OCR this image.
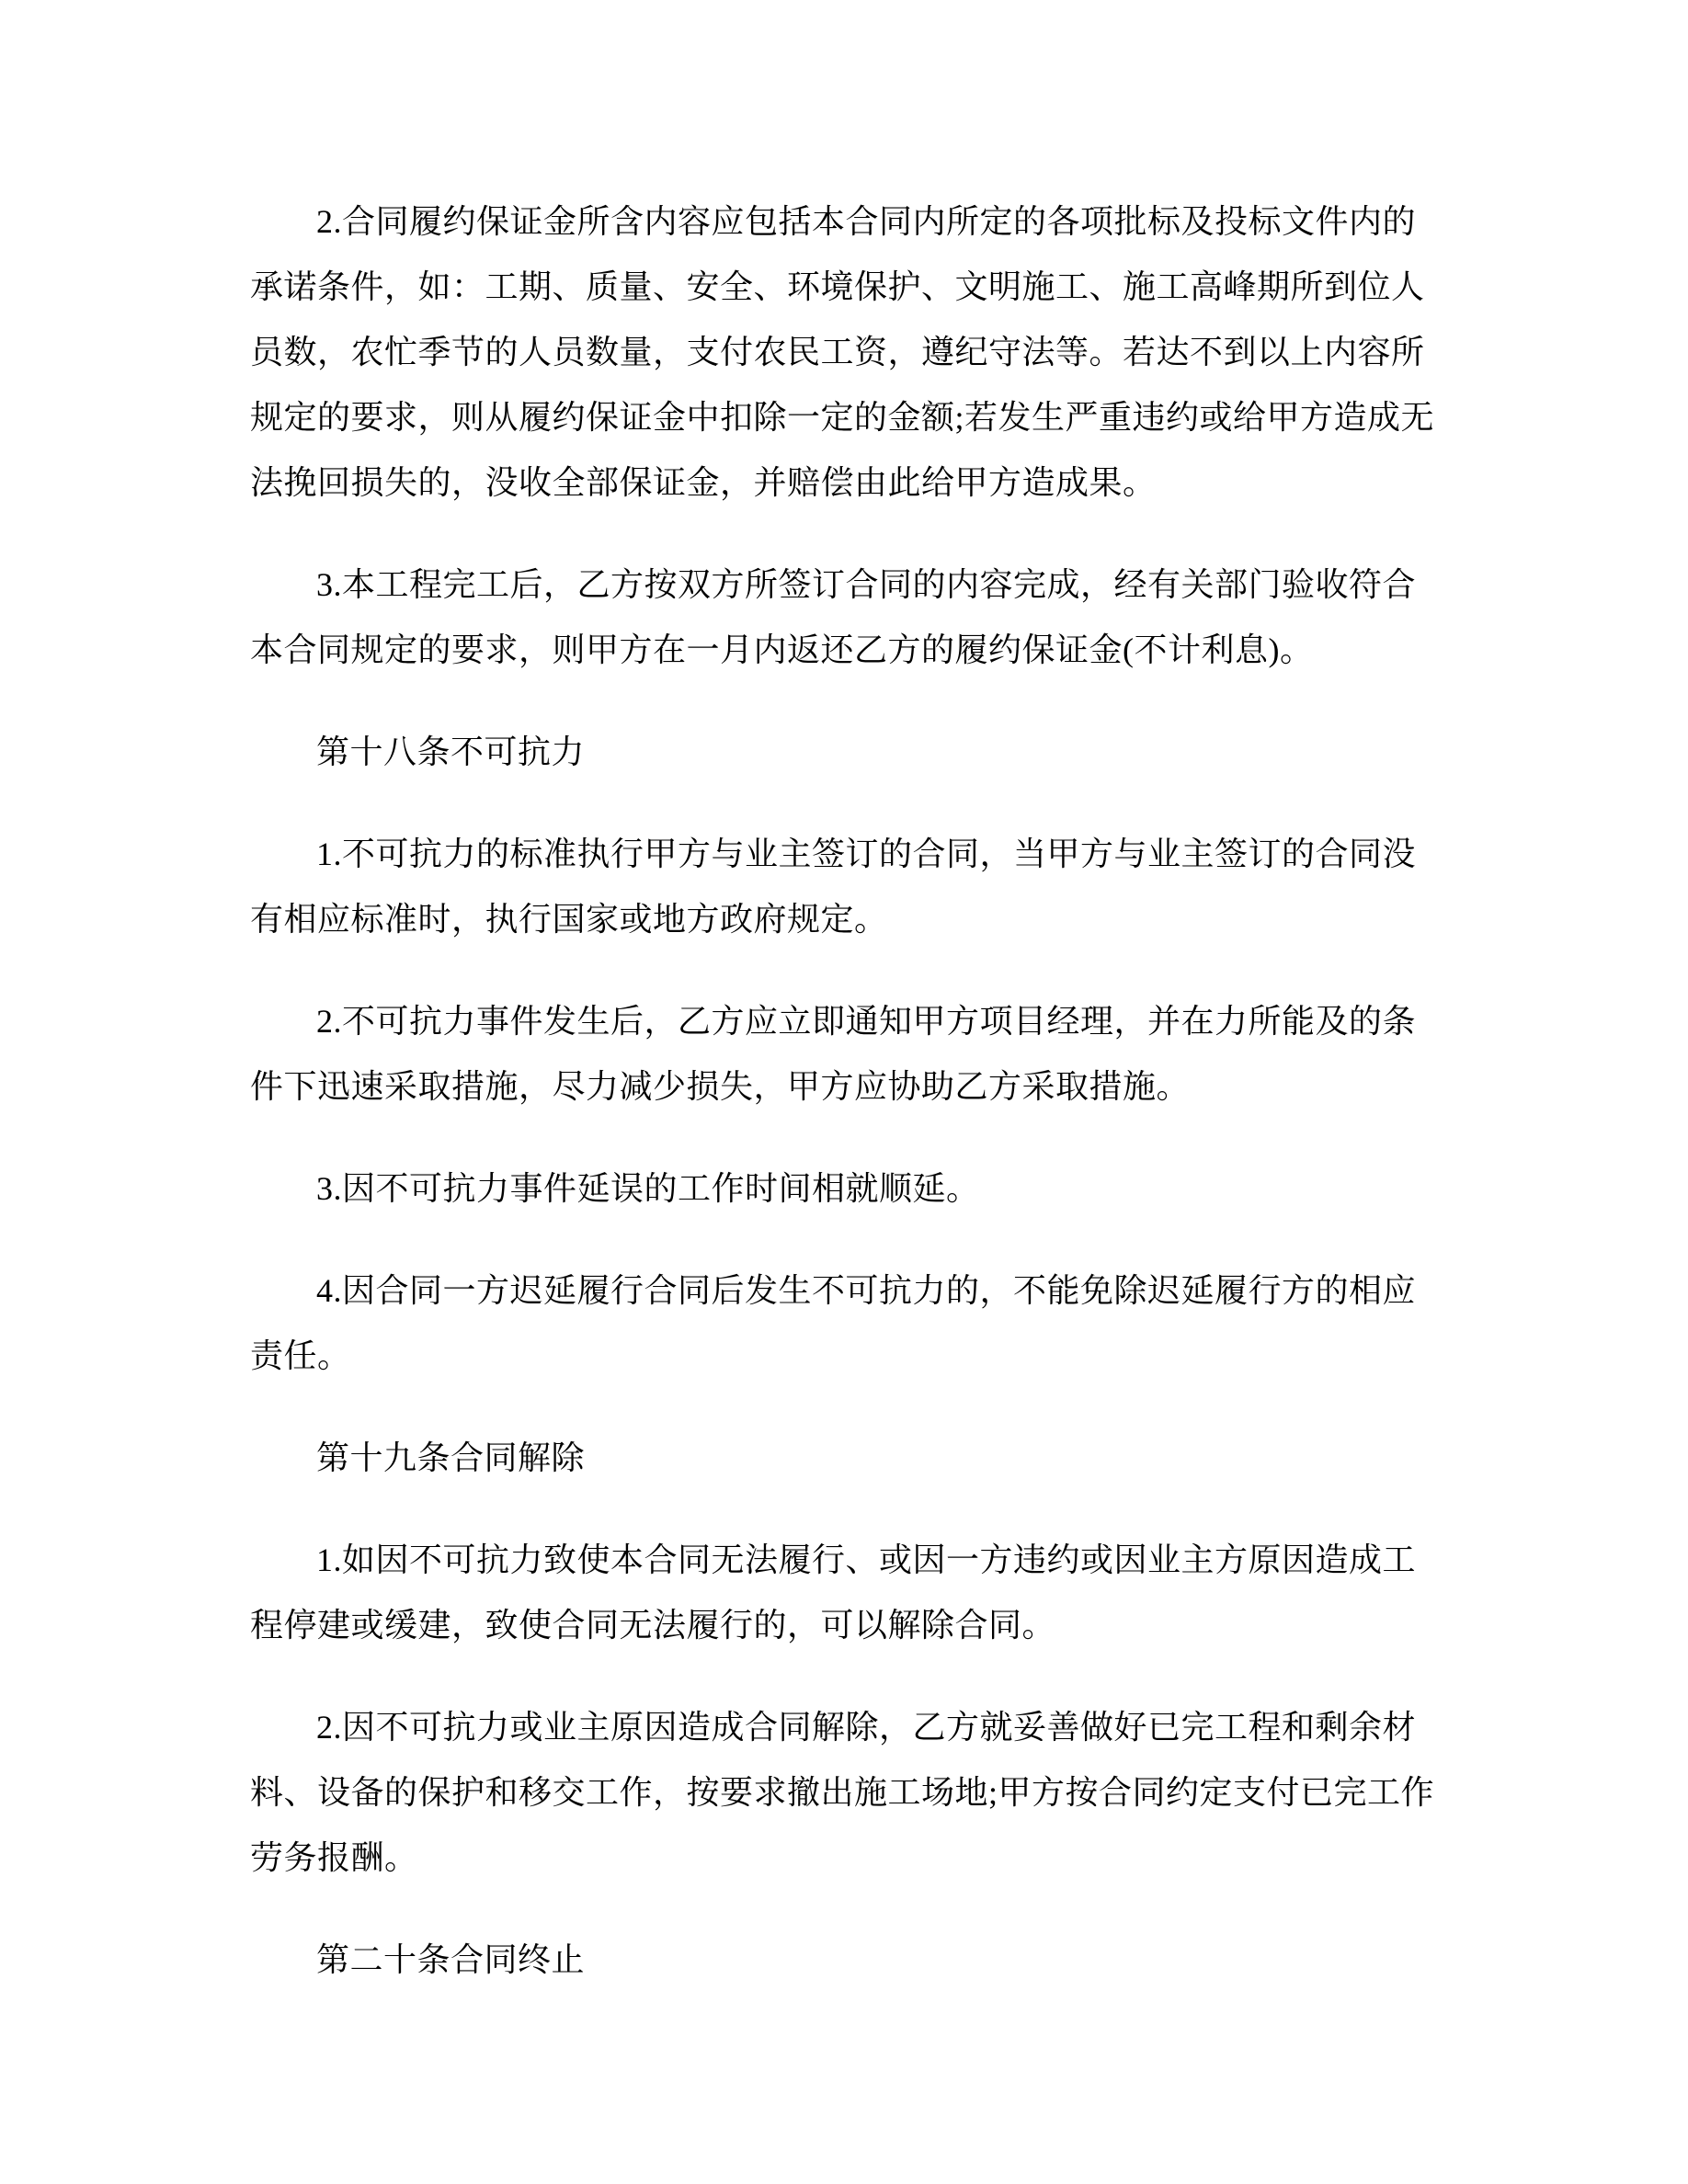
2.合同履约保证金所含内容应包括本合同内所定的各项批标及投标文件内的承诺条件，如：工期、质量、安全、环境保护、文明施工、施工高峰期所到位人员数，农忙季节的人员数量，支付农民工资，遵纪守法等。若达不到以上内容所规定的要求，则从履约保证金中扣除一定的金额;若发生严重违约或给甲方造成无法挽回损失的，没收全部保证金，并赔偿由此给甲方造成果。

3.本工程完工后，乙方按双方所签订合同的内容完成，经有关部门验收符合本合同规定的要求，则甲方在一月内返还乙方的履约保证金(不计利息)。

第十八条不可抗力

1.不可抗力的标准执行甲方与业主签订的合同，当甲方与业主签订的合同没有相应标准时，执行国家或地方政府规定。

2.不可抗力事件发生后，乙方应立即通知甲方项目经理，并在力所能及的条件下迅速采取措施，尽力减少损失，甲方应协助乙方采取措施。

3.因不可抗力事件延误的工作时间相就顺延。

4.因合同一方迟延履行合同后发生不可抗力的，不能免除迟延履行方的相应责任。

第十九条合同解除

1.如因不可抗力致使本合同无法履行、或因一方违约或因业主方原因造成工程停建或缓建，致使合同无法履行的，可以解除合同。

2.因不可抗力或业主原因造成合同解除，乙方就妥善做好已完工程和剩余材料、设备的保护和移交工作，按要求撤出施工场地;甲方按合同约定支付已完工作劳务报酬。

第二十条合同终止
